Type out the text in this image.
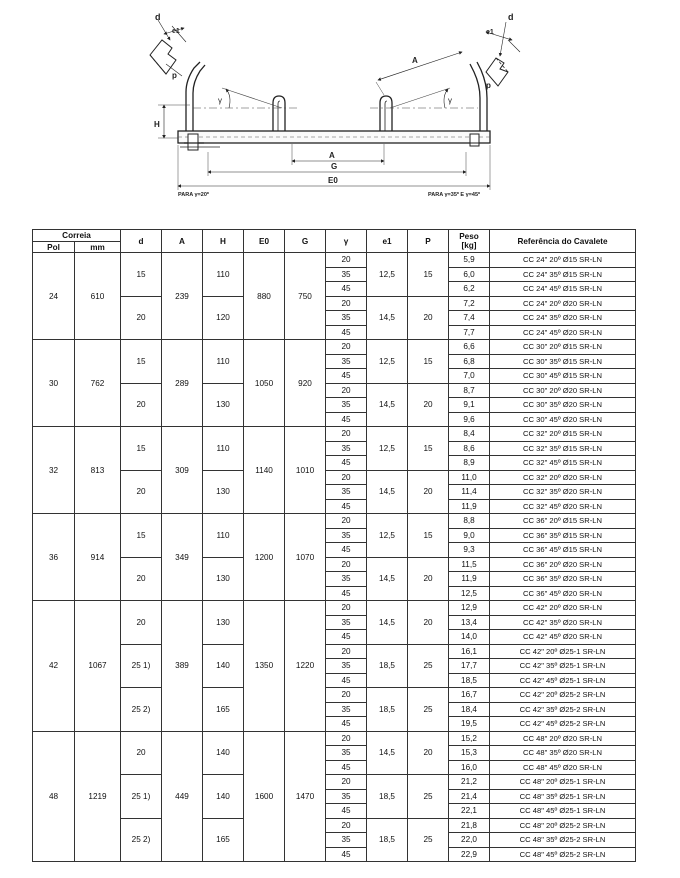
d
e1
p
d
e1
p
A
γ	γ
H
A
G
E0
PARA γ=20º	PARA γ=35º E γ=45º
Correia		d	A	H	E0	G	γ	e1	P	Peso
[kg]	Referência do Cavalete
Pol	mm										
24	610	15	239	110	880	750	20	12,5	15	5,9	CC 24" 20º Ø15 SR-LN
							35			6,0	CC 24" 35º Ø15 SR-LN
							45			6,2	CC 24" 45º Ø15 SR-LN
		20		120			20	14,5	20	7,2	CC 24" 20º Ø20 SR-LN
							35			7,4	CC 24" 35º Ø20 SR-LN
							45			7,7	CC 24" 45º Ø20 SR-LN
30	762	15	289	110	1050	920	20	12,5	15	6,6	CC 30" 20º Ø15 SR-LN
							35			6,8	CC 30" 35º Ø15 SR-LN
							45			7,0	CC 30" 45º Ø15 SR-LN
		20		130			20	14,5	20	8,7	CC 30" 20º Ø20 SR-LN
							35			9,1	CC 30" 35º Ø20 SR-LN
							45			9,6	CC 30" 45º Ø20 SR-LN
32	813	15	309	110	1140	1010	20	12,5	15	8,4	CC 32" 20º Ø15 SR-LN
							35			8,6	CC 32" 35º Ø15 SR-LN
							45			8,9	CC 32" 45º Ø15 SR-LN
		20		130			20	14,5	20	11,0	CC 32" 20º Ø20 SR-LN
							35			11,4	CC 32" 35º Ø20 SR-LN
							45			11,9	CC 32" 45º Ø20 SR-LN
36	914	15	349	110	1200	1070	20	12,5	15	8,8	CC 36" 20º Ø15 SR-LN
							35			9,0	CC 36" 35º Ø15 SR-LN
							45			9,3	CC 36" 45º Ø15 SR-LN
		20		130			20	14,5	20	11,5	CC 36" 20º Ø20 SR-LN
							35			11,9	CC 36" 35º Ø20 SR-LN
							45			12,5	CC 36" 45º Ø20 SR-LN
42	1067	20	389	130	1350	1220	20	14,5	20	12,9	CC 42" 20º Ø20 SR-LN
							35			13,4	CC 42" 35º Ø20 SR-LN
							45			14,0	CC 42" 45º Ø20 SR-LN
		25 1)		140			20	18,5	25	16,1	CC 42" 20º Ø25-1 SR-LN
							35			17,7	CC 42" 35º Ø25-1 SR-LN
							45			18,5	CC 42" 45º Ø25-1 SR-LN
		25 2)		165			20	18,5	25	16,7	CC 42" 20º Ø25-2 SR-LN
							35			18,4	CC 42" 35º Ø25-2 SR-LN
							45			19,5	CC 42" 45º Ø25-2 SR-LN
48	1219	20	449	140	1600	1470	20	14,5	20	15,2	CC 48" 20º Ø20 SR-LN
							35			15,3	CC 48" 35º Ø20 SR-LN
							45			16,0	CC 48" 45º Ø20 SR-LN
		25 1)		140			20	18,5	25	21,2	CC 48" 20º Ø25-1 SR-LN
							35			21,4	CC 48" 35º Ø25-1 SR-LN
							45			22,1	CC 48" 45º Ø25-1 SR-LN
		25 2)		165			20	18,5	25	21,8	CC 48" 20º Ø25-2 SR-LN
							35			22,0	CC 48" 35º Ø25-2 SR-LN
							45			22,9	CC 48" 45º Ø25-2 SR-LN
